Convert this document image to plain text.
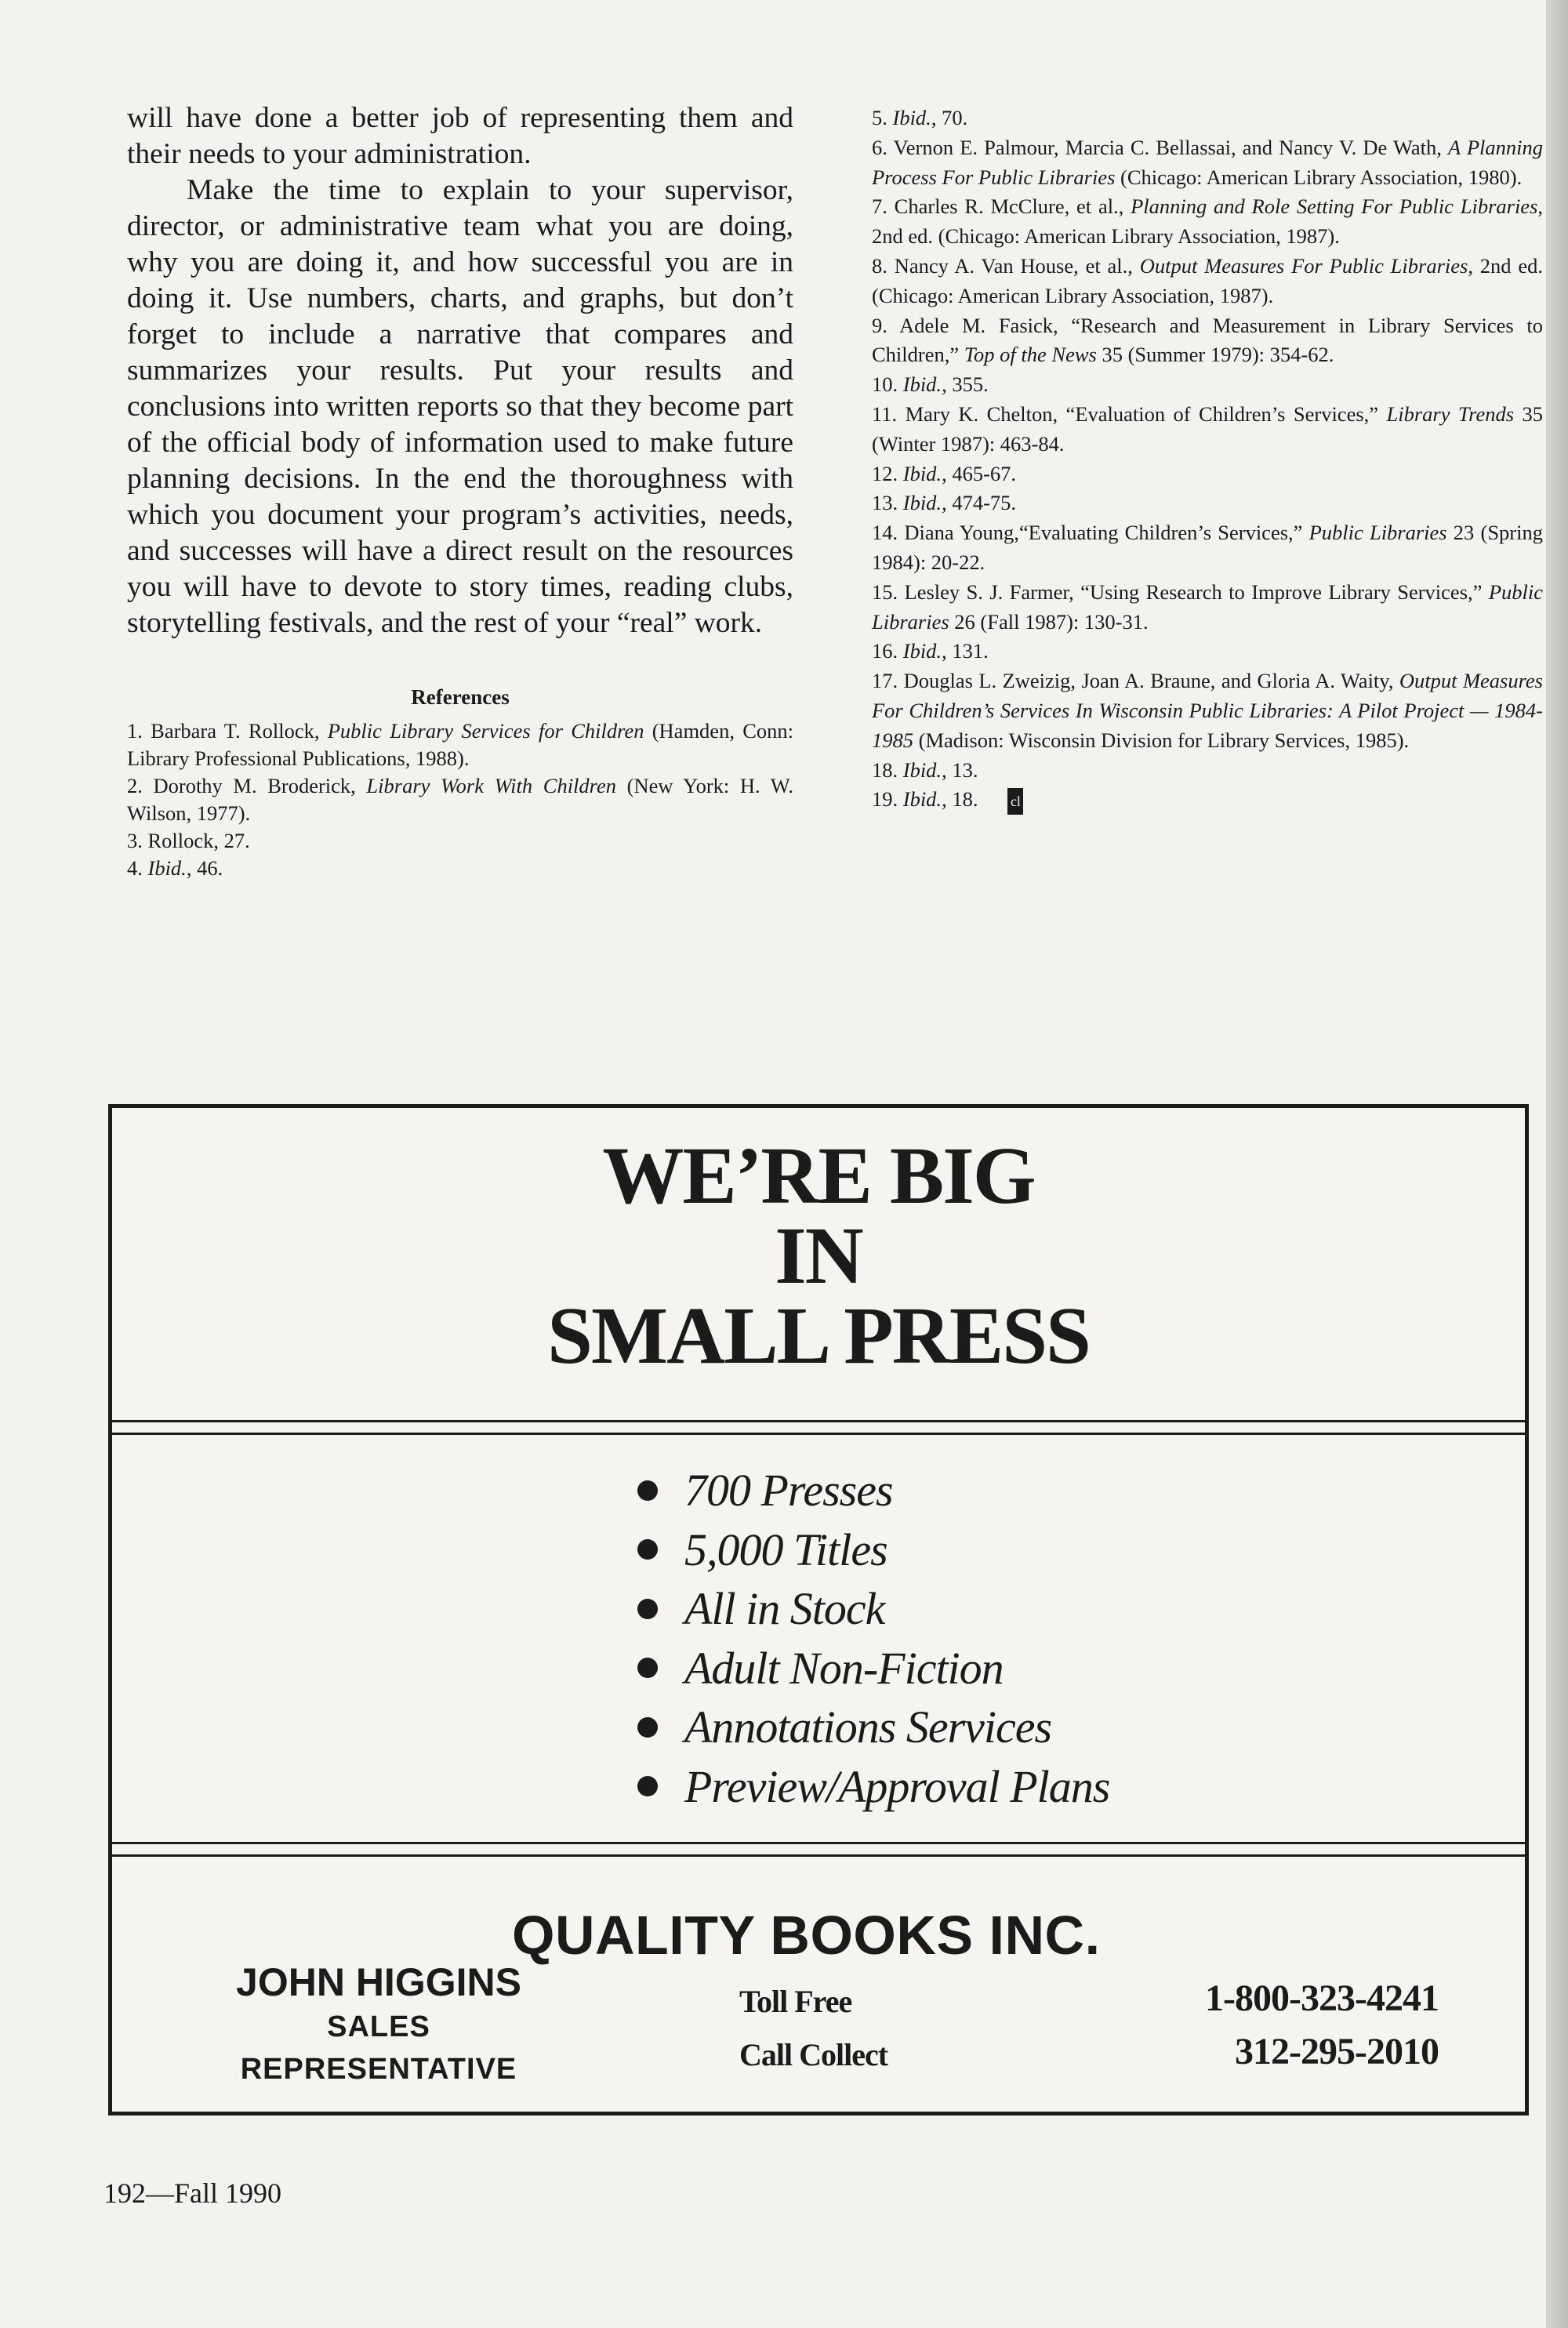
will have done a better job of representing them and their needs to your administration.

Make the time to explain to your supervisor, director, or administrative team what you are doing, why you are doing it, and how successful you are in doing it. Use numbers, charts, and graphs, but don’t forget to include a narrative that compares and summarizes your results. Put your results and conclusions into written reports so that they become part of the official body of information used to make future planning decisions. In the end the thoroughness with which you document your program’s activities, needs, and successes will have a direct result on the resources you will have to devote to story times, reading clubs, storytelling festivals, and the rest of your “real” work.

References
1. Barbara T. Rollock, Public Library Services for Children (Hamden, Conn: Library Professional Publications, 1988).
2. Dorothy M. Broderick, Library Work With Children (New York: H. W. Wilson, 1977).
3. Rollock, 27.
4. Ibid., 46.
5. Ibid., 70.
6. Vernon E. Palmour, Marcia C. Bellassai, and Nancy V. De Wath, A Planning Process For Public Libraries (Chicago: American Library Association, 1980).
7. Charles R. McClure, et al., Planning and Role Setting For Public Libraries, 2nd ed. (Chicago: American Library Association, 1987).
8. Nancy A. Van House, et al., Output Measures For Public Libraries, 2nd ed. (Chicago: American Library Association, 1987).
9. Adele M. Fasick, “Research and Measurement in Library Services to Children,” Top of the News 35 (Summer 1979): 354-62.
10. Ibid., 355.
11. Mary K. Chelton, “Evaluation of Children’s Services,” Library Trends 35 (Winter 1987): 463-84.
12. Ibid., 465-67.
13. Ibid., 474-75.
14. Diana Young,“Evaluating Children’s Services,” Public Libraries 23 (Spring 1984): 20-22.
15. Lesley S. J. Farmer, “Using Research to Improve Library Services,” Public Libraries 26 (Fall 1987): 130-31.
16. Ibid., 131.
17. Douglas L. Zweizig, Joan A. Braune, and Gloria A. Waity, Output Measures For Children’s Services In Wisconsin Public Libraries: A Pilot Project — 1984-1985 (Madison: Wisconsin Division for Library Services, 1985).
18. Ibid., 13.
19. Ibid., 18. cl
WE’RE BIG
IN
SMALL PRESS
700 Presses
5,000 Titles
All in Stock
Adult Non-Fiction
Annotations Services
Preview/Approval Plans
QUALITY BOOKS INC.
JOHN HIGGINS
SALES
REPRESENTATIVE
Toll Free
Call Collect
1-800-323-4241
312-295-2010
192—Fall 1990
